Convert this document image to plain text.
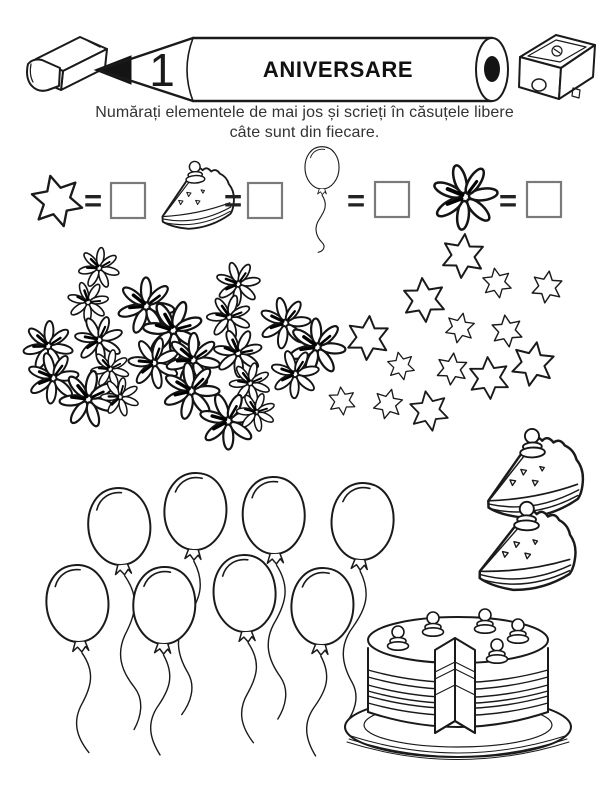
1	ANIVERSARE
=	=	=	=
Numărați elementele de mai jos și scrieți în căsuțele libere
câte sunt din fiecare.
